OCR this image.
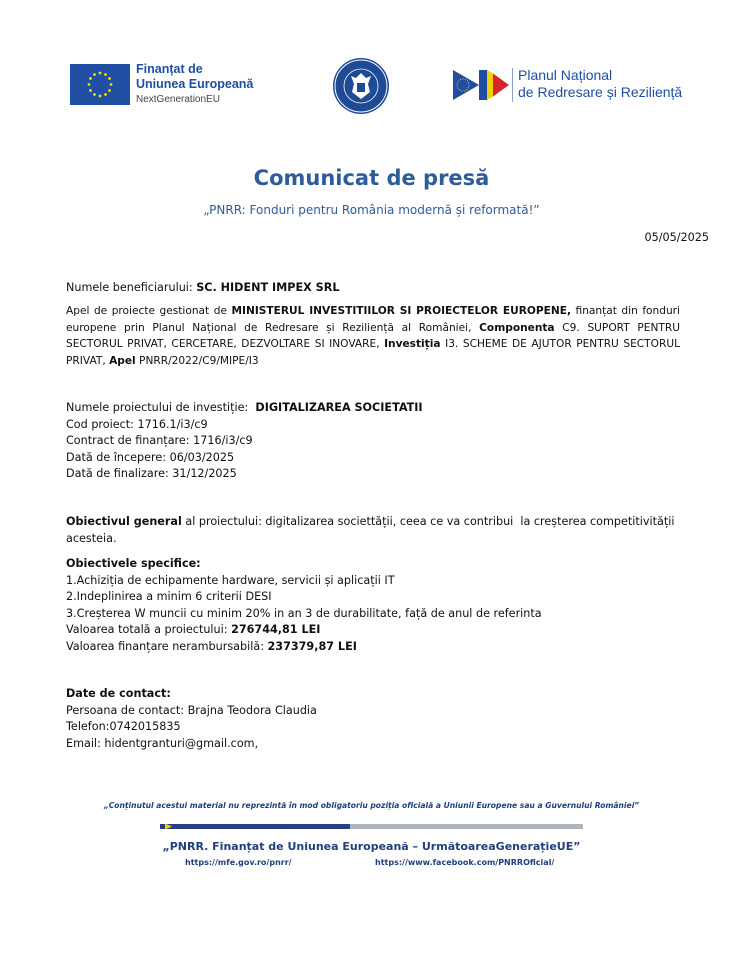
Finanțat de
Uniunea Europeană
NextGenerationEU
Planul Național
de Redresare și Reziliență
Comunicat de presă
„PNRR: Fonduri pentru România modernă și reformată!”
05/05/2025
Numele beneficiarului: SC. HIDENT IMPEX SRL
Apel de proiecte gestionat de MINISTERUL INVESTITIILOR SI PROIECTELOR EUROPENE, finanțat din fonduri europene prin Planul Național de Redresare și Reziliență al României, Componenta C9. SUPORT PENTRU SECTORUL PRIVAT, CERCETARE, DEZVOLTARE SI INOVARE, Investiția I3. SCHEME DE AJUTOR PENTRU SECTORUL PRIVAT, Apel PNRR/2022/C9/MIPE/I3
Numele proiectului de investiție:  DIGITALIZAREA SOCIETATII
Cod proiect: 1716.1/i3/c9
Contract de finanțare: 1716/i3/c9
Dată de începere: 06/03/2025
Dată de finalizare: 31/12/2025
Obiectivul general al proiectului: digitalizarea societtății, ceea ce va contribui  la creșterea competitivității acesteia.
Obiectivele specifice:
1.Achiziția de echipamente hardware, servicii și aplicații IT
2.Indeplinirea a minim 6 criterii DESI
3.Creșterea W muncii cu minim 20% in an 3 de durabilitate, față de anul de referinta
Valoarea totală a proiectului: 276744,81 LEI
Valoarea finanțare nerambursabilă: 237379,87 LEI
Date de contact:
Persoana de contact: Brajna Teodora Claudia
Telefon:0742015835
Email: hidentgranturi@gmail.com,
„Conținutul acestui material nu reprezintă în mod obligatoriu poziția oficială a Uniunii Europene sau a Guvernului României”
„PNRR. Finanțat de Uniunea Europeană – UrmătoareaGenerațieUE”
https://mfe.gov.ro/pnrr/	https://www.facebook.com/PNRROficial/
